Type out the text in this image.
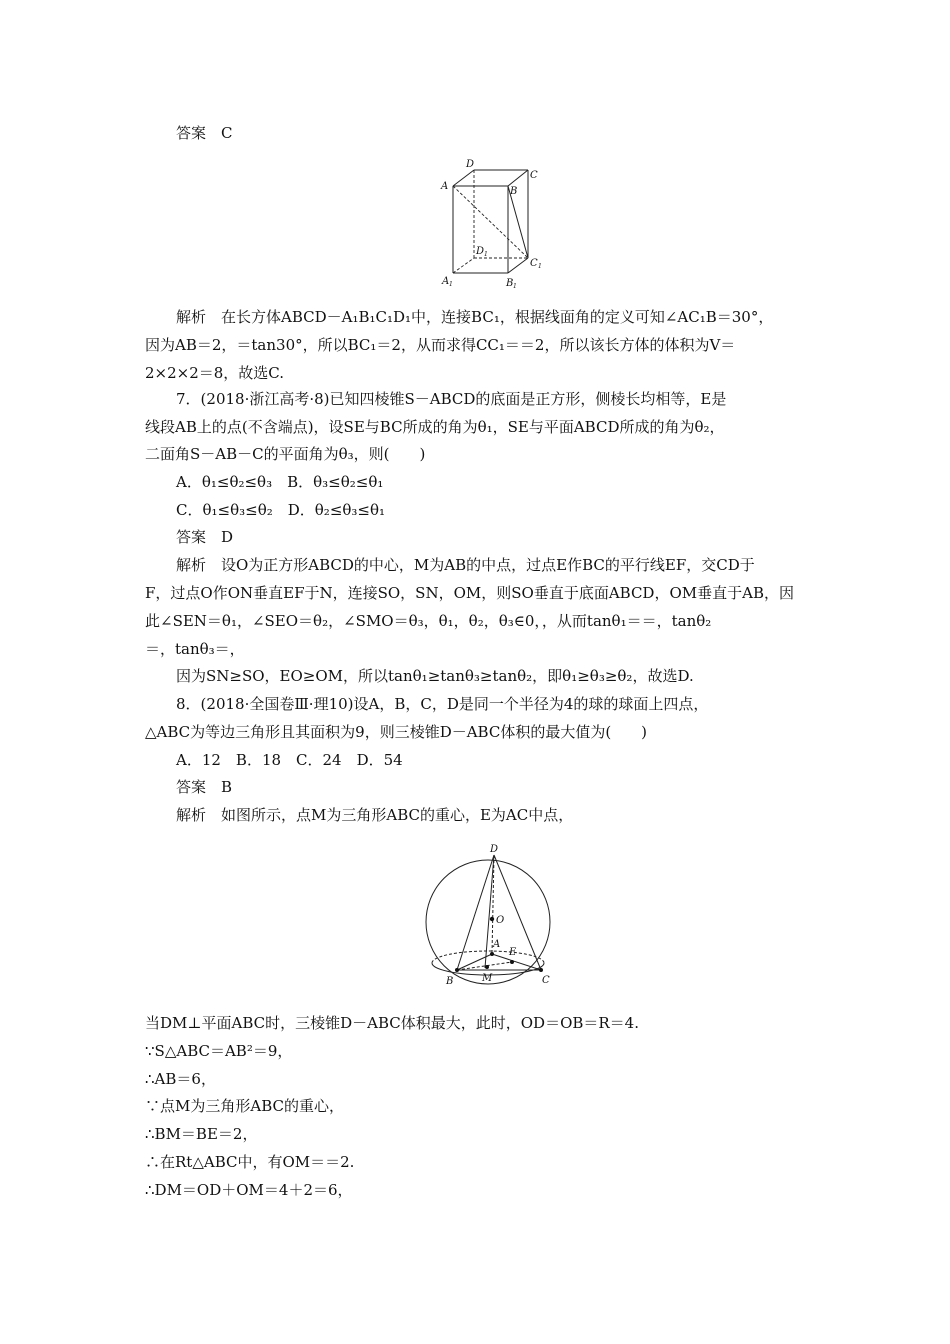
答案　C
D
C
A	B
D 1
C 1
A 1	B 1
解析　在长方体ABCD－A₁B₁C₁D₁中，连接BC₁，根据线面角的定义可知∠AC₁B＝30°，
因为AB＝2，＝tan30°，所以BC₁＝2，从而求得CC₁＝＝2，所以该长方体的体积为V＝
2×2×2＝8，故选C.
7．(2018·浙江高考·8)已知四棱锥S－ABCD的底面是正方形，侧棱长均相等，E是
线段AB上的点(不含端点)，设SE与BC所成的角为θ₁，SE与平面ABCD所成的角为θ₂，
二面角S－AB－C的平面角为θ₃，则(　　)
A．θ₁≤θ₂≤θ₃　B．θ₃≤θ₂≤θ₁
C．θ₁≤θ₃≤θ₂　D．θ₂≤θ₃≤θ₁
答案　D
解析　设O为正方形ABCD的中心，M为AB的中点，过点E作BC的平行线EF，交CD于
F，过点O作ON垂直EF于N，连接SO，SN，OM，则SO垂直于底面ABCD，OM垂直于AB，因
此∠SEN＝θ₁，∠SEO＝θ₂，∠SMO＝θ₃，θ₁，θ₂，θ₃∈0，，从而tanθ₁＝＝，tanθ₂
＝，tanθ₃＝，
因为SN≥SO，EO≥OM，所以tanθ₁≥tanθ₃≥tanθ₂，即θ₁≥θ₃≥θ₂，故选D.
8．(2018·全国卷Ⅲ·理10)设A，B，C，D是同一个半径为4的球的球面上四点，
△ABC为等边三角形且其面积为9，则三棱锥D－ABC体积的最大值为(　　)
A．12　B．18　C．24　D．54
答案　B
解析　如图所示，点M为三角形ABC的重心，E为AC中点，
D
O
A
E
B	M	C
当DM⊥平面ABC时，三棱锥D－ABC体积最大，此时，OD＝OB＝R＝4.
∵S△ABC＝AB²＝9，
∴AB＝6，
∵点M为三角形ABC的重心，
∴BM＝BE＝2，
∴在Rt△ABC中，有OM＝＝2.
∴DM＝OD＋OM＝4＋2＝6，
